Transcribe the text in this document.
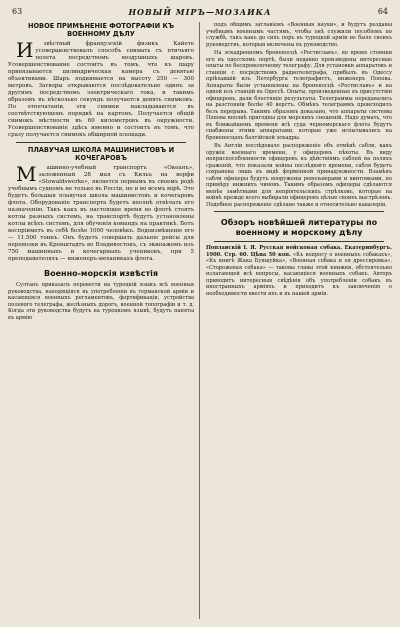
63	НОВЫЙ МIРЪ—МОЗАИКА	64
НОВОЕ ПРИМѢНЕНIЕ ФОТОГРАФIИ КЪ ВОЕННОМУ ДѢЛУ

Извѣстный французскiй физикъ Кайете усовершенствовалъ способъ снимать съ птичьяго полета посредствомъ воздушныхъ шаровъ. Усовершенствование состоитъ въ томъ, что къ шару привязывается цилиндрическая камера съ девятью объективами. Шаръ поднимается на высоту 250 — 300 метровъ. Затворы открываются послѣдовательно одинъ за другимъ посредствомъ электрическаго тока, и такимъ образомъ въ нѣсколько секундъ получается девять снимковъ. По отпечатанiи, эти снимки накладываются въ соотвѣтствующемъ порядкѣ на картонъ. Получается общiй снимокъ мѣстности въ 60 километровъ въ окружности. Усовершенствованiе здѣсь именно и состоитъ въ томъ, что сразу получается снимокъ обширной площади.

ПЛАВУЧАЯ ШКОЛА МАШИНИСТОВЪ И КОЧЕГАРОВЪ

Машинно-учебный транспортъ «Океанъ», заложенный 28 мая съ Кильъ на верфи «Stowaldswerke», является первымъ въ своемъ родѣ учебнымъ судномъ не только въ Россiи, но и во всемъ мiрѣ. Это будетъ большая плавучая школа машинистовъ и кочегаровъ флота. Оборудованiе транспорта будетъ вполнѣ отвѣчать его назначенiю. Такъ какъ въ настоящее время во флотѣ стоятъ котлы разныхъ системъ, на транспортѣ будутъ установлены котлы всѣхъ системъ, для обученiя командъ на практикѣ. Ботъ воспрiиметъ въ себѣ болѣе 1000 человѣкъ. Водоизмѣщенiе его — 11.500 тоннъ. Онъ будетъ совершать дальнiе рейсы для перевозки въ Кронштадтъ во Владивостокъ, съ экипажемъ изъ 750 машинныхъ и кочегарныхъ учениковъ, при 5 преподавателяхъ — инженеръ-механикахъ флота.

Военно-морскiя извѣстiя

Султанъ приказалъ перевести на турецкiй языкъ всѣ военныя руководства, находящiяся въ употребленiи въ германской армiи и касающiяся военныхъ регламентовъ, фортификацiи, устройства полевого телеграфа, желѣзныхъ дорогъ, военной топографiи и т. д. Когда эти руководства будутъ на турецкомъ языкѣ, будутъ наняты въ армiю

подъ общимъ заглавiемъ «Военныя науки», и будутъ розданы учебнымъ военнымъ частямъ, чтобы онѣ служили пособiемъ по службѣ, такъ какъ до сихъ поръ въ турецкой армiи не было своихъ руководствъ, которыя включены въ руководство.

На эскадренномъ броненосцѣ «Ростиславъ», во время стоянки его въ одесскомъ портѣ, были недавно произведены интересные опыты по беспроволочному телеграфу. Для установки аппаратовъ и станцiи с посредствомъ радиотелеграфа, прибылъ въ Одессу прiѣхавшiй изъ Петербурга телеграфистъ, инженеръ Попова. Аппараты были установлены на броненосцѣ «Ростиславъ» и на одной изъ станцiй въ Одессѣ. Опыты, произведенные въ присутствiи офицеровъ, дали блестящiе результаты. Телеграммы передавались на разстоянiи болѣе 40 верстъ. Обмѣнъ телеграммъ происходилъ безъ перерыва. Такимъ образомъ доказано, что аппараты системы Попова вполнѣ пригодны для морскихъ сношенiй. Надо думать, что въ ближайшемъ времени всѣ суда черноморскаго флота будутъ снабжены этими аппаратами, которые уже испытывались на броненосцахъ балтiйской эскадры.

Въ Англiи послѣдовало распоряженiе объ отмѣнѣ сабли, какъ оружiя военнаго времени, у офицеровъ пѣхоты. Въ виду неприспособленности офицеровъ къ дѣйствiямъ саблей на поляхъ сраженiй, что показали войны послѣдняго времени, сабля будетъ сохранена лишь въ видѣ форменной принадлежности. Взамѣнъ сабли офицеры будутъ вооружены револьверами и винтовками, по примѣру нижнихъ чиновъ. Такимъ образомъ офицеры сдѣлаются менѣе замѣтными для непрiятельскихъ стрѣлковъ, которые на войнѣ прежде всего выбирали офицеровъ цѣлью своихъ выстрѣловъ. Подобное распоряженiе сдѣлано также и относительно кавалерiи.

Обзоръ новѣйшей литературы по военному и морскому дѣлу

Поплавскiй І. Я. Русская войсковая собака. Екатеринбургъ. 1900. Стр. 60. Цѣна 50 коп. «Къ вопросу о военныхъ собакахъ», «Къ книгѣ Жака Буншуйка», «Военная собака и ея дрессировка», «Сторожевая собака» — таковы главы этой книжки, обстоятельно излагающей всѣ вопросы, касающiеся военныхъ собакъ. Авторъ приводитъ интересныя свѣдѣнiя объ употребленiи собакъ въ иностранныхъ армiяхъ и приходитъ къ заключенiю о необходимости ввести ихъ и въ нашей армiи.
